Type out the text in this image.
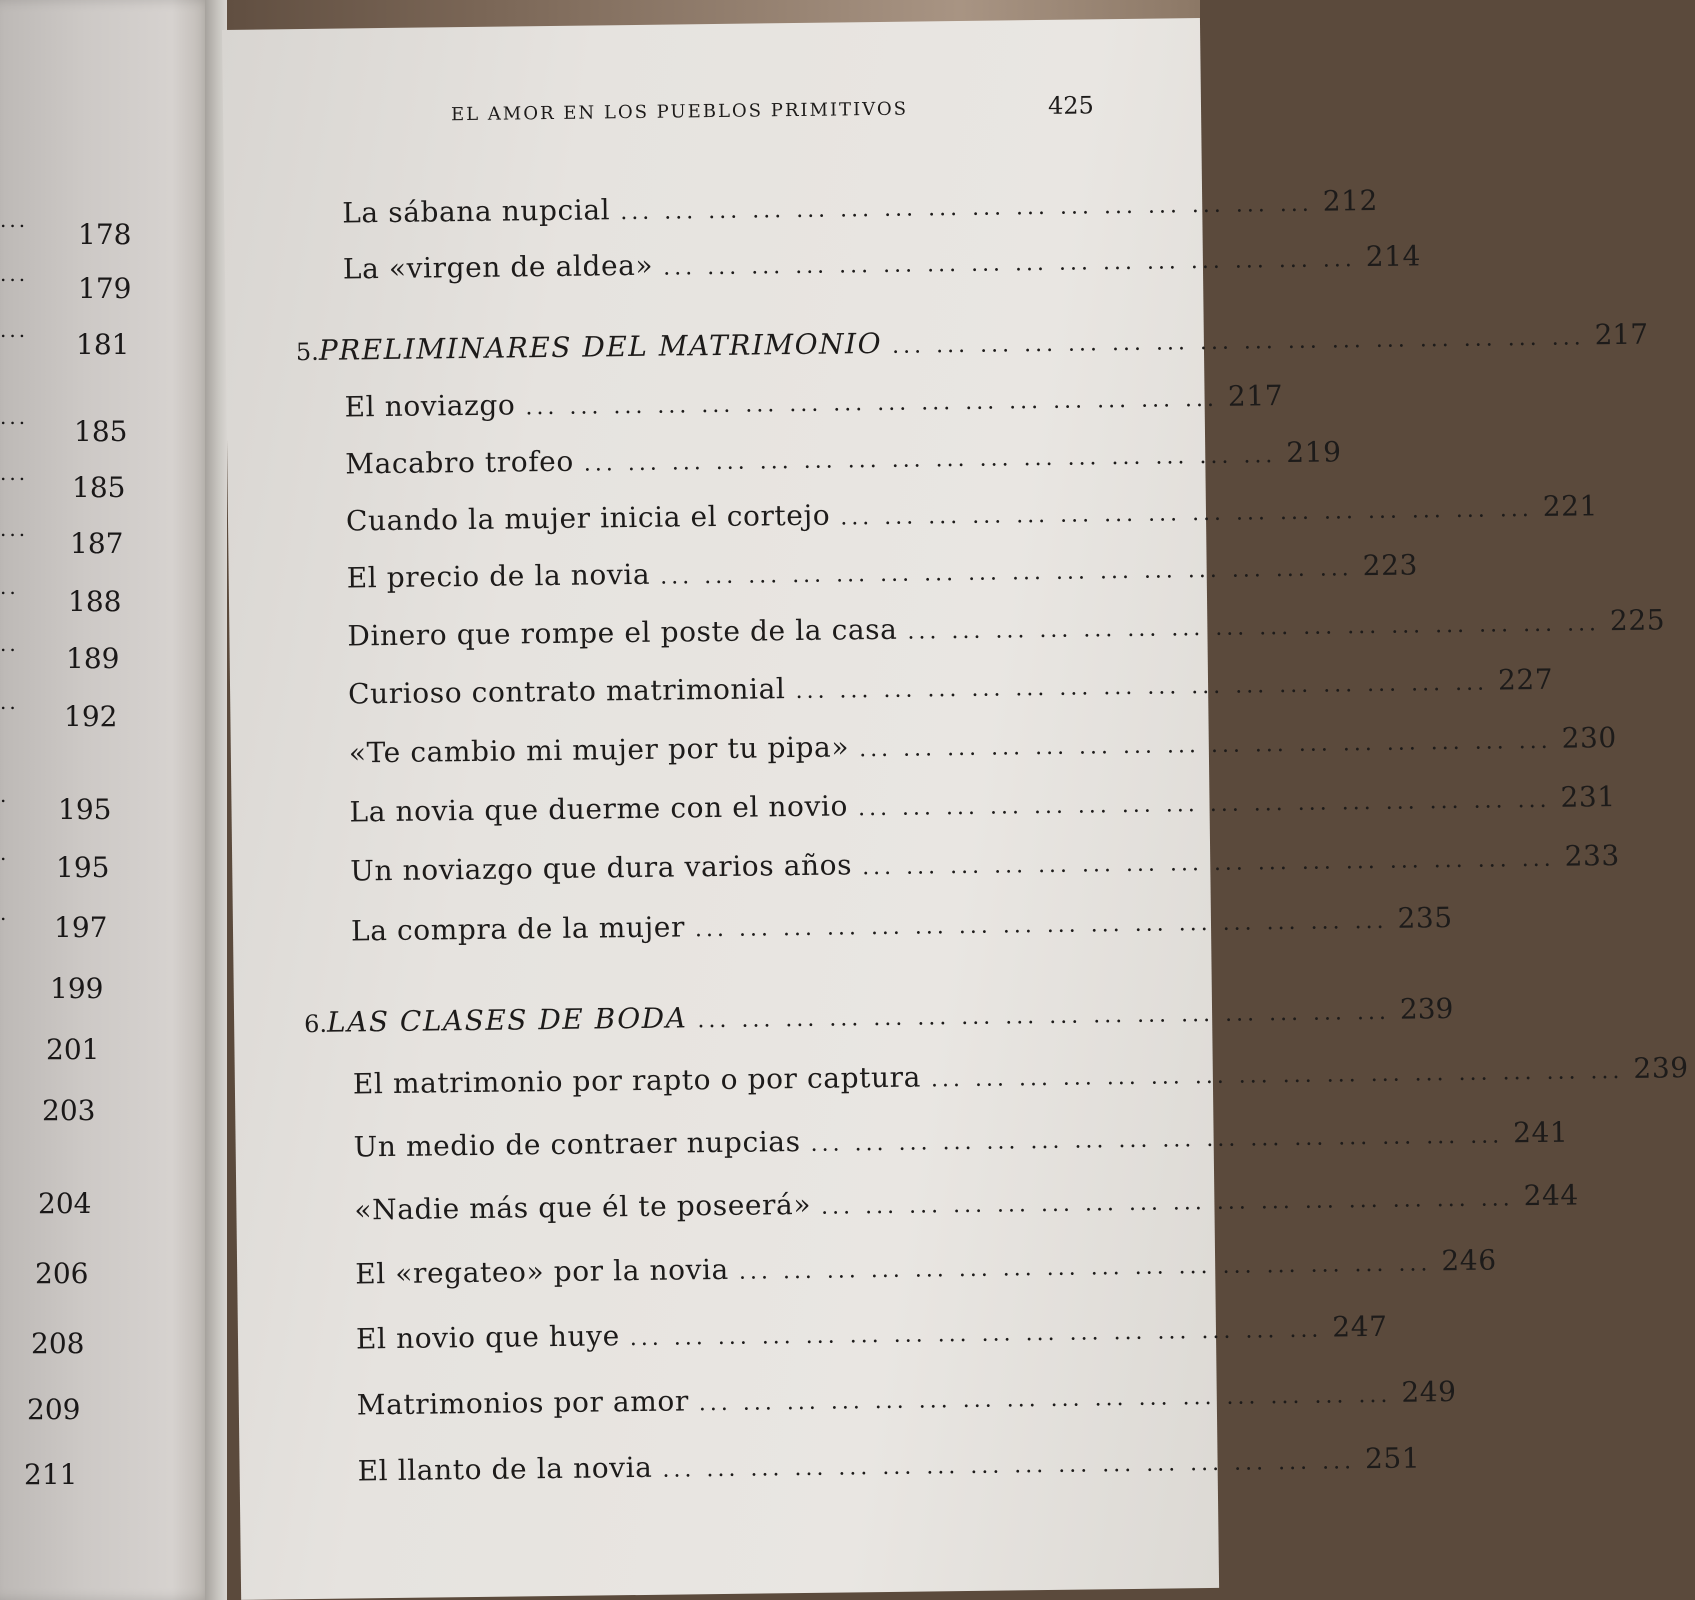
... 178
... 179
... 181
... 185
... 185
... 187
.. 188
.. 189
.. 192
. 195
. 195
. 197
199
201
203
204
206
208
209
211
EL AMOR EN LOS PUEBLOS PRIMITIVOS	425
La sábana nupcial ... ... ... ... ... ... ... ... ... ... ... ... ... ... ... ... 212
La «virgen de aldea» ... ... ... ... ... ... ... ... ... ... ... ... ... ... ... ... 214
5. PRELIMINARES DEL MATRIMONIO ... ... ... ... ... ... ... ... ... ... ... ... ... ... ... ... 217
El noviazgo ... ... ... ... ... ... ... ... ... ... ... ... ... ... ... ... 217
Macabro trofeo ... ... ... ... ... ... ... ... ... ... ... ... ... ... ... ... 219
Cuando la mujer inicia el cortejo ... ... ... ... ... ... ... ... ... ... ... ... ... ... ... ... 221
El precio de la novia ... ... ... ... ... ... ... ... ... ... ... ... ... ... ... ... 223
Dinero que rompe el poste de la casa ... ... ... ... ... ... ... ... ... ... ... ... ... ... ... ... 225
Curioso contrato matrimonial ... ... ... ... ... ... ... ... ... ... ... ... ... ... ... ... 227
«Te cambio mi mujer por tu pipa» ... ... ... ... ... ... ... ... ... ... ... ... ... ... ... ... 230
La novia que duerme con el novio ... ... ... ... ... ... ... ... ... ... ... ... ... ... ... ... 231
Un noviazgo que dura varios años ... ... ... ... ... ... ... ... ... ... ... ... ... ... ... ... 233
La compra de la mujer ... ... ... ... ... ... ... ... ... ... ... ... ... ... ... ... 235
6. LAS CLASES DE BODA ... ... ... ... ... ... ... ... ... ... ... ... ... ... ... ... 239
El matrimonio por rapto o por captura ... ... ... ... ... ... ... ... ... ... ... ... ... ... ... ... 239
Un medio de contraer nupcias ... ... ... ... ... ... ... ... ... ... ... ... ... ... ... ... 241
«Nadie más que él te poseerá» ... ... ... ... ... ... ... ... ... ... ... ... ... ... ... ... 244
El «regateo» por la novia ... ... ... ... ... ... ... ... ... ... ... ... ... ... ... ... 246
El novio que huye ... ... ... ... ... ... ... ... ... ... ... ... ... ... ... ... 247
Matrimonios por amor ... ... ... ... ... ... ... ... ... ... ... ... ... ... ... ... 249
El llanto de la novia ... ... ... ... ... ... ... ... ... ... ... ... ... ... ... ... 251
